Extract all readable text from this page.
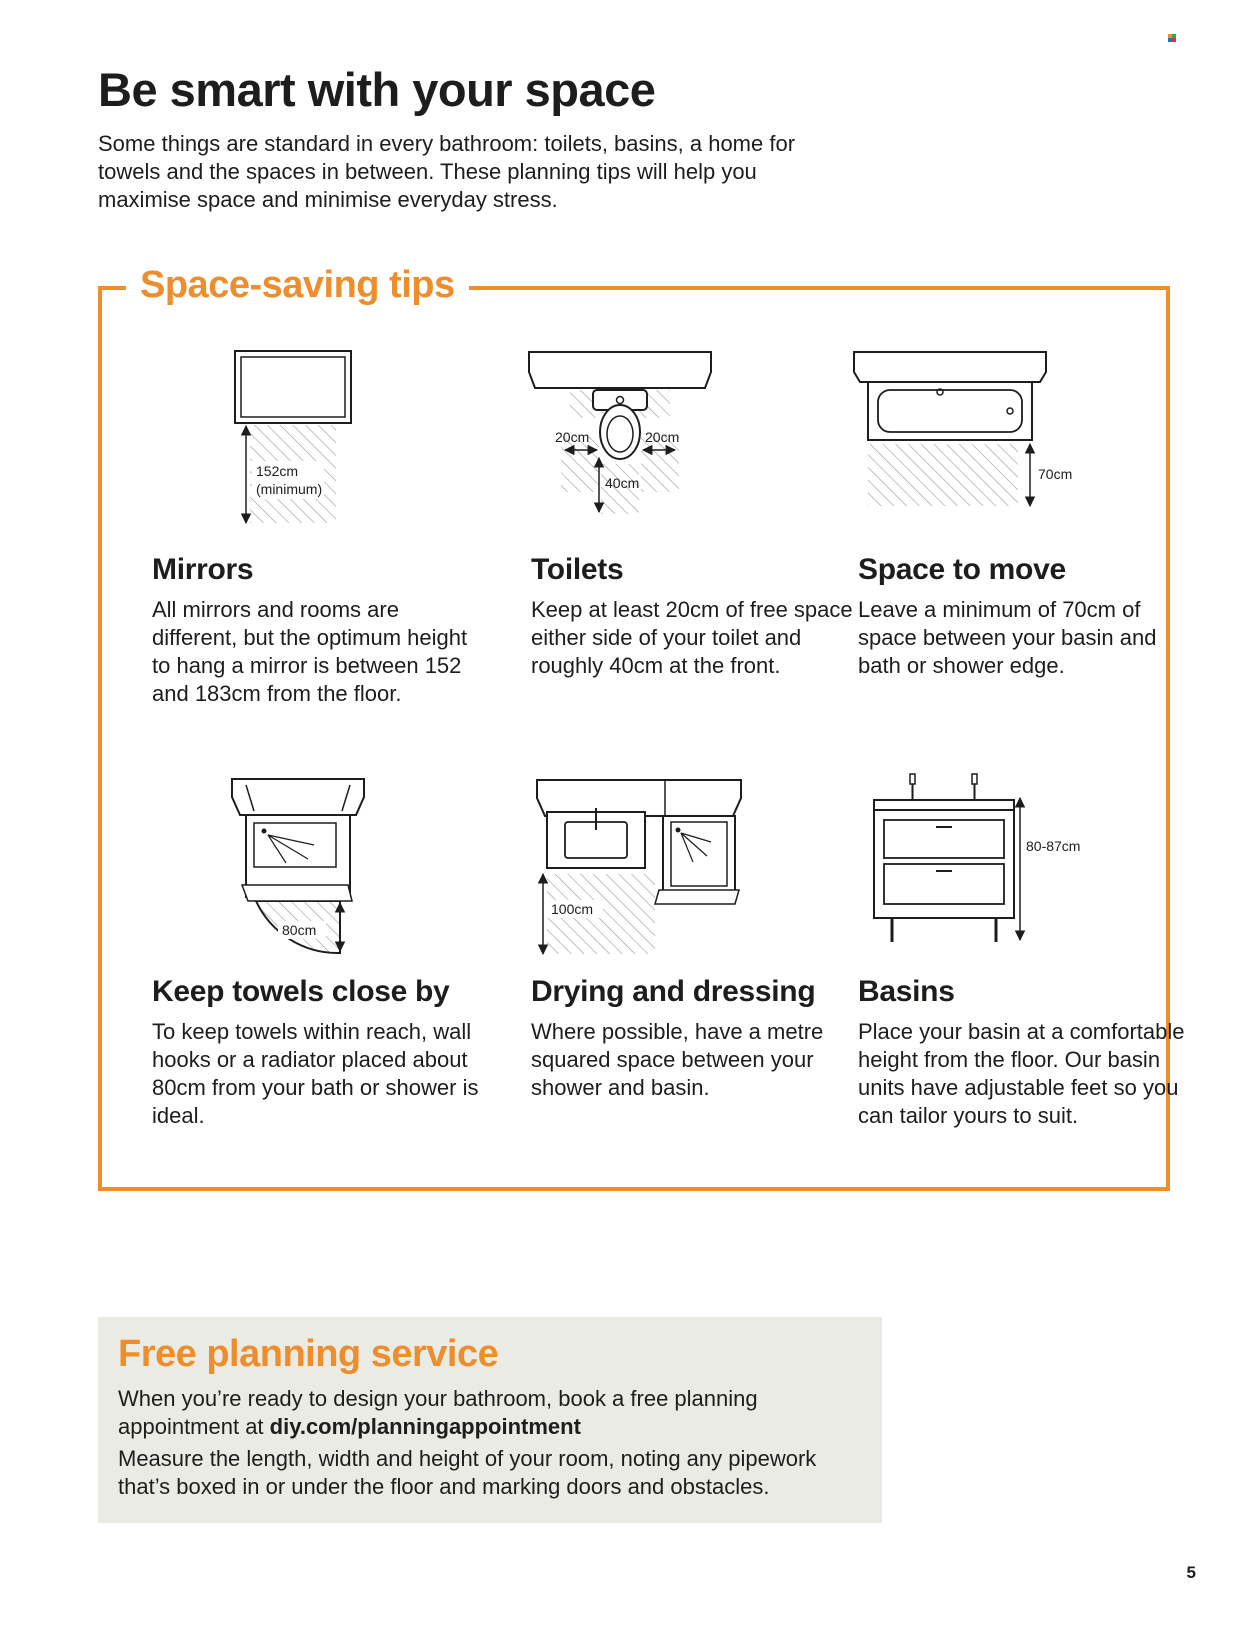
Be smart with your space

Some things are standard in every bathroom: toilets, basins, a home for towels and the spaces in between. These planning tips will help you maximise space and minimise everyday stress.

Space-saving tips
152cm
(minimum)
20cm	20cm
40cm
70cm
Mirrors

All mirrors and rooms are different, but the optimum height to hang a mirror is between 152 and 183cm from the floor.

Toilets

Keep at least 20cm of free space either side of your toilet and roughly 40cm at the front.

Space to move

Leave a minimum of 70cm of space between your basin and bath or shower edge.

80cm
100cm
80-87cm
Keep towels close by

To keep towels within reach, wall hooks or a radiator placed about 80cm from your bath or shower is ideal.

Drying and dressing

Where possible, have a metre squared space between your shower and basin.

Basins

Place your basin at a comfortable height from the floor. Our basin units have adjustable feet so you can tailor yours to suit.

Free planning service

When you’re ready to design your bathroom, book a free planning appointment at diy.com/planningappointment

Measure the length, width and height of your room, noting any pipework that’s boxed in or under the floor and marking doors and obstacles.

5
